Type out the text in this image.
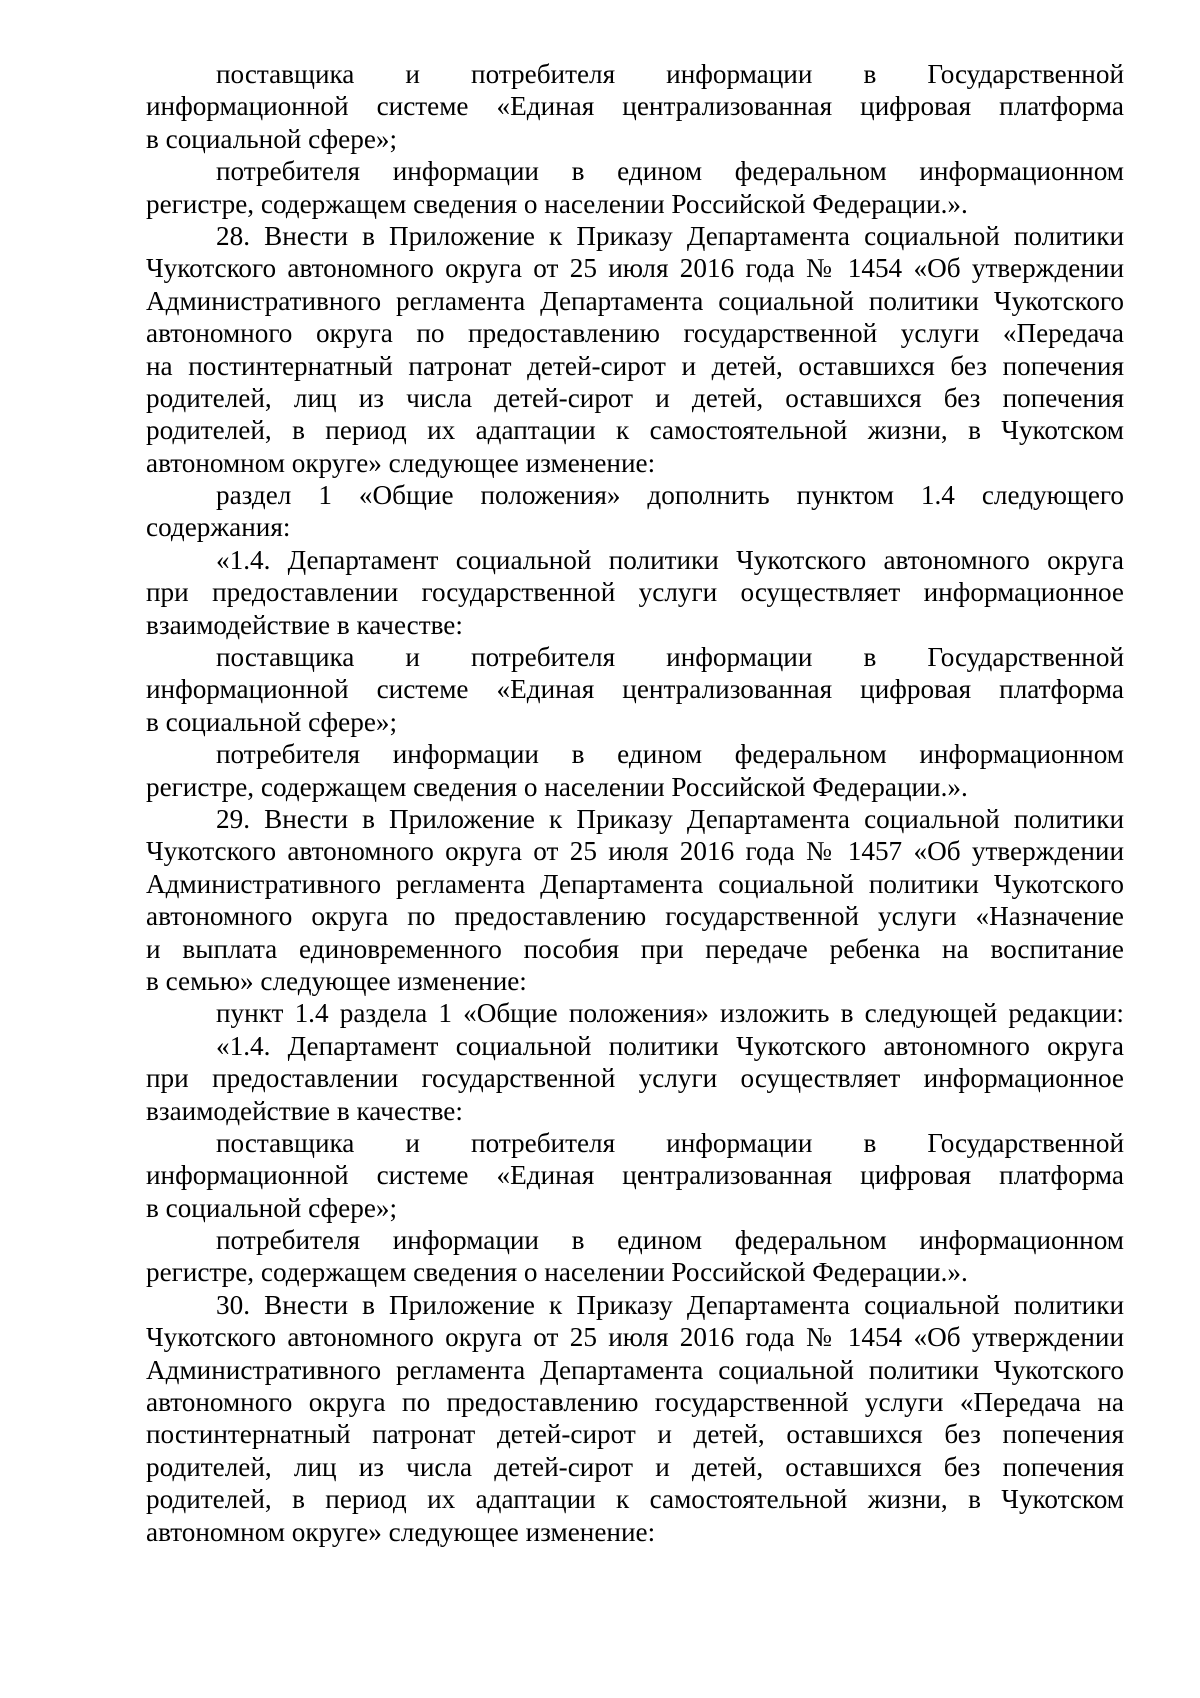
поставщика и потребителя информации в Государственной
информационной системе «Единая централизованная цифровая платформа
в социальной сфере»;
потребителя информации в едином федеральном информационном
регистре, содержащем сведения о населении Российской Федерации.».
28. Внести в Приложение к Приказу Департамента социальной политики
Чукотского автономного округа от 25 июля 2016 года № 1454 «Об утверждении
Административного регламента Департамента социальной политики Чукотского
автономного округа по предоставлению государственной услуги «Передача
на постинтернатный патронат детей-сирот и детей, оставшихся без попечения
родителей, лиц из числа детей-сирот и детей, оставшихся без попечения
родителей, в период их адаптации к самостоятельной жизни, в Чукотском
автономном округе» следующее изменение:
раздел 1 «Общие положения» дополнить пунктом 1.4 следующего
содержания:
«1.4. Департамент социальной политики Чукотского автономного округа
при предоставлении государственной услуги осуществляет информационное
взаимодействие в качестве:
поставщика и потребителя информации в Государственной
информационной системе «Единая централизованная цифровая платформа
в социальной сфере»;
потребителя информации в едином федеральном информационном
регистре, содержащем сведения о населении Российской Федерации.».
29. Внести в Приложение к Приказу Департамента социальной политики
Чукотского автономного округа от 25 июля 2016 года № 1457 «Об утверждении
Административного регламента Департамента социальной политики Чукотского
автономного округа по предоставлению государственной услуги «Назначение
и выплата единовременного пособия при передаче ребенка на воспитание
в семью» следующее изменение:
пункт 1.4 раздела 1 «Общие положения» изложить в следующей редакции:
«1.4. Департамент социальной политики Чукотского автономного округа
при предоставлении государственной услуги осуществляет информационное
взаимодействие в качестве:
поставщика и потребителя информации в Государственной
информационной системе «Единая централизованная цифровая платформа
в социальной сфере»;
потребителя информации в едином федеральном информационном
регистре, содержащем сведения о населении Российской Федерации.».
30. Внести в Приложение к Приказу Департамента социальной политики
Чукотского автономного округа от 25 июля 2016 года № 1454 «Об утверждении
Административного регламента Департамента социальной политики Чукотского
автономного округа по предоставлению государственной услуги «Передача на
постинтернатный патронат детей-сирот и детей, оставшихся без попечения
родителей, лиц из числа детей-сирот и детей, оставшихся без попечения
родителей, в период их адаптации к самостоятельной жизни, в Чукотском
автономном округе» следующее изменение:
